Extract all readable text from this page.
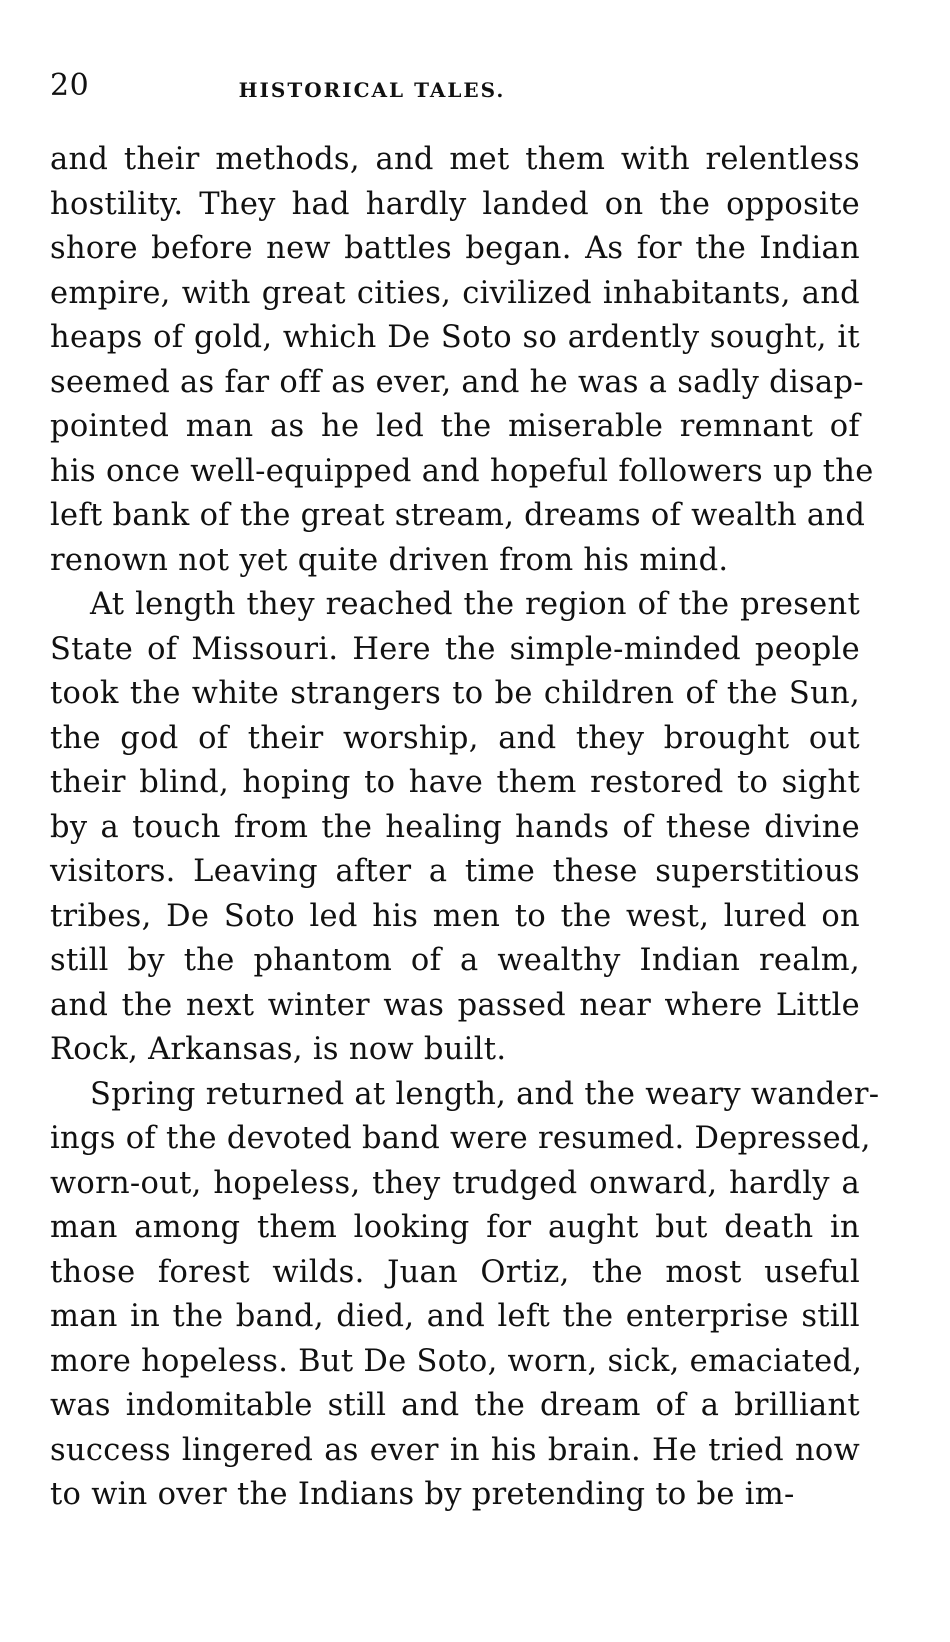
20	HISTORICAL TALES.
and their methods, and met them with relentless
hostility. They had hardly landed on the opposite
shore before new battles began. As for the Indian
empire, with great cities, civilized inhabitants, and
heaps of gold, which De Soto so ardently sought, it
seemed as far off as ever, and he was a sadly disap-
pointed man as he led the miserable remnant of
his once well-equipped and hopeful followers up the
left bank of the great stream, dreams of wealth and
renown not yet quite driven from his mind.
At length they reached the region of the present
State of Missouri. Here the simple-minded people
took the white strangers to be children of the Sun,
the god of their worship, and they brought out
their blind, hoping to have them restored to sight
by a touch from the healing hands of these divine
visitors. Leaving after a time these superstitious
tribes, De Soto led his men to the west, lured on
still by the phantom of a wealthy Indian realm,
and the next winter was passed near where Little
Rock, Arkansas, is now built.
Spring returned at length, and the weary wander-
ings of the devoted band were resumed. Depressed,
worn-out, hopeless, they trudged onward, hardly a
man among them looking for aught but death in
those forest wilds. Juan Ortiz, the most useful
man in the band, died, and left the enterprise still
more hopeless. But De Soto, worn, sick, emaciated,
was indomitable still and the dream of a brilliant
success lingered as ever in his brain. He tried now
to win over the Indians by pretending to be im-
